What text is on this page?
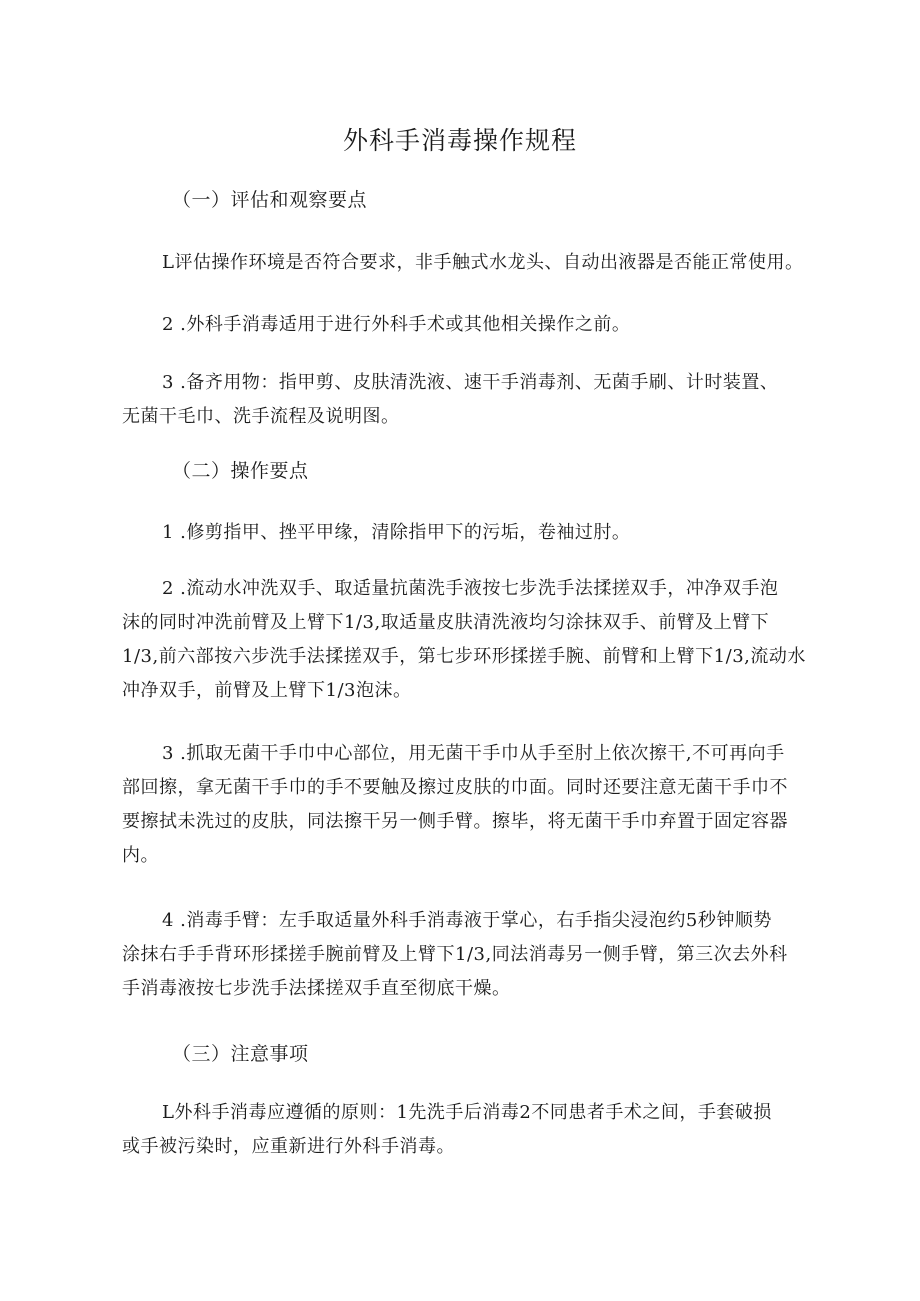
外科手消毒操作规程
（一）评估和观察要点

L评估操作环境是否符合要求，非手触式水龙头、自动出液器是否能正常使用。

2 .外科手消毒适用于进行外科手术或其他相关操作之前。

3 .备齐用物：指甲剪、皮肤清洗液、速干手消毒剂、无菌手刷、计时装置、
无菌干毛巾、洗手流程及说明图。

（二）操作要点

1 .修剪指甲、挫平甲缘，清除指甲下的污垢，卷袖过肘。

2 .流动水冲洗双手、取适量抗菌洗手液按七步洗手法揉搓双手，冲净双手泡
沫的同时冲洗前臂及上臂下1/3,取适量皮肤清洗液均匀涂抹双手、前臂及上臂下
1/3,前六部按六步洗手法揉搓双手，第七步环形揉搓手腕、前臂和上臂下1/3,流动水
冲净双手，前臂及上臂下1/3泡沫。

3 .抓取无菌干手巾中心部位，用无菌干手巾从手至肘上依次擦干,不可再向手
部回擦，拿无菌干手巾的手不要触及擦过皮肤的巾面。同时还要注意无菌干手巾不
要擦拭未洗过的皮肤，同法擦干另一侧手臂。擦毕，将无菌干手巾弃置于固定容器
内。

4 .消毒手臂：左手取适量外科手消毒液于掌心，右手指尖浸泡约5秒钟顺势
涂抹右手手背环形揉搓手腕前臂及上臂下1/3,同法消毒另一侧手臂，第三次去外科
手消毒液按七步洗手法揉搓双手直至彻底干燥。

（三）注意事项

L外科手消毒应遵循的原则：1先洗手后消毒2不同患者手术之间，手套破损
或手被污染时，应重新进行外科手消毒。
